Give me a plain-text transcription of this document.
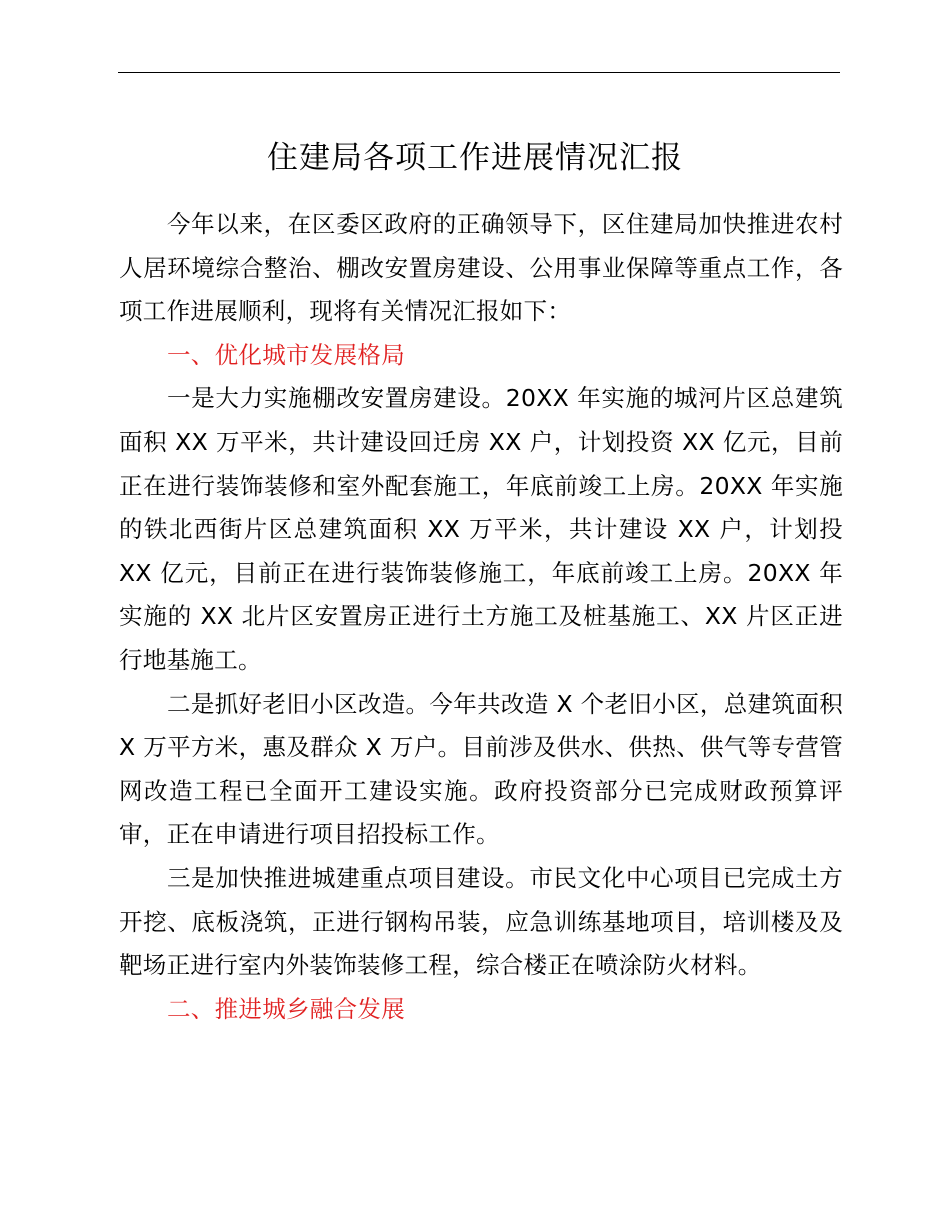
住建局各项工作进展情况汇报

今年以来，在区委区政府的正确领导下，区住建局加快推进农村人居环境综合整治、棚改安置房建设、公用事业保障等重点工作，各项工作进展顺利，现将有关情况汇报如下：

一、优化城市发展格局

一是大力实施棚改安置房建设。20XX 年实施的城河片区总建筑面积 XX 万平米，共计建设回迁房 XX 户，计划投资 XX 亿元，目前正在进行装饰装修和室外配套施工，年底前竣工上房。20XX 年实施的铁北西街片区总建筑面积 XX 万平米，共计建设 XX 户，计划投 XX 亿元，目前正在进行装饰装修施工，年底前竣工上房。20XX 年实施的 XX 北片区安置房正进行土方施工及桩基施工、XX 片区正进行地基施工。

二是抓好老旧小区改造。今年共改造 X 个老旧小区，总建筑面积 X 万平方米，惠及群众 X 万户。目前涉及供水、供热、供气等专营管网改造工程已全面开工建设实施。政府投资部分已完成财政预算评审，正在申请进行项目招投标工作。

三是加快推进城建重点项目建设。市民文化中心项目已完成土方开挖、底板浇筑，正进行钢构吊装，应急训练基地项目，培训楼及及靶场正进行室内外装饰装修工程，综合楼正在喷涂防火材料。

二、推进城乡融合发展
